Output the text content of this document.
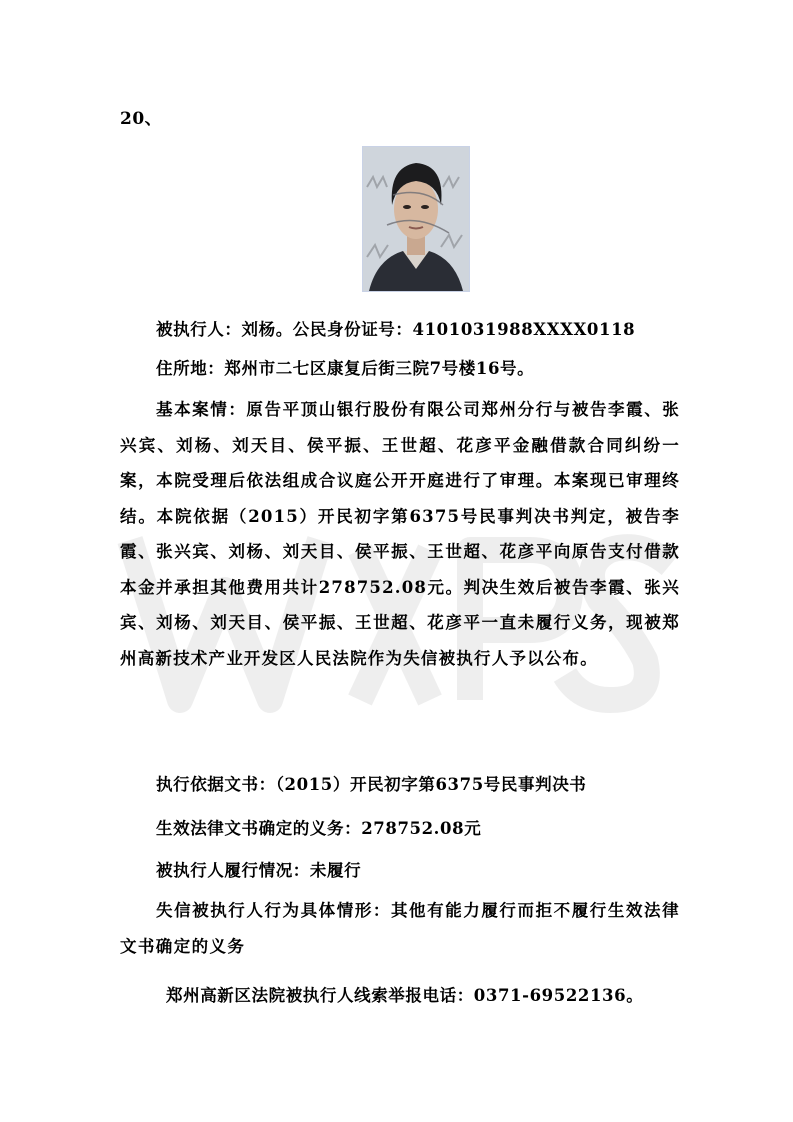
20、
被执行人：刘杨。公民身份证号：4101031988XXXX0118
住所地：郑州市二七区康复后街三院7号楼16号。
基本案情：原告平顶山银行股份有限公司郑州分行与被告李霞、张兴宾、刘杨、刘天目、侯平振、王世超、花彦平金融借款合同纠纷一案，本院受理后依法组成合议庭公开开庭进行了审理。本案现已审理终结。本院依据（2015）开民初字第6375号民事判决书判定，被告李霞、张兴宾、刘杨、刘天目、侯平振、王世超、花彦平向原告支付借款本金并承担其他费用共计278752.08元。判决生效后被告李霞、张兴宾、刘杨、刘天目、侯平振、王世超、花彦平一直未履行义务，现被郑州高新技术产业开发区人民法院作为失信被执行人予以公布。
执行依据文书：（2015）开民初字第6375号民事判决书
生效法律文书确定的义务：278752.08元
被执行人履行情况：未履行
失信被执行人行为具体情形：其他有能力履行而拒不履行生效法律文书确定的义务
郑州高新区法院被执行人线索举报电话：0371-69522136。
